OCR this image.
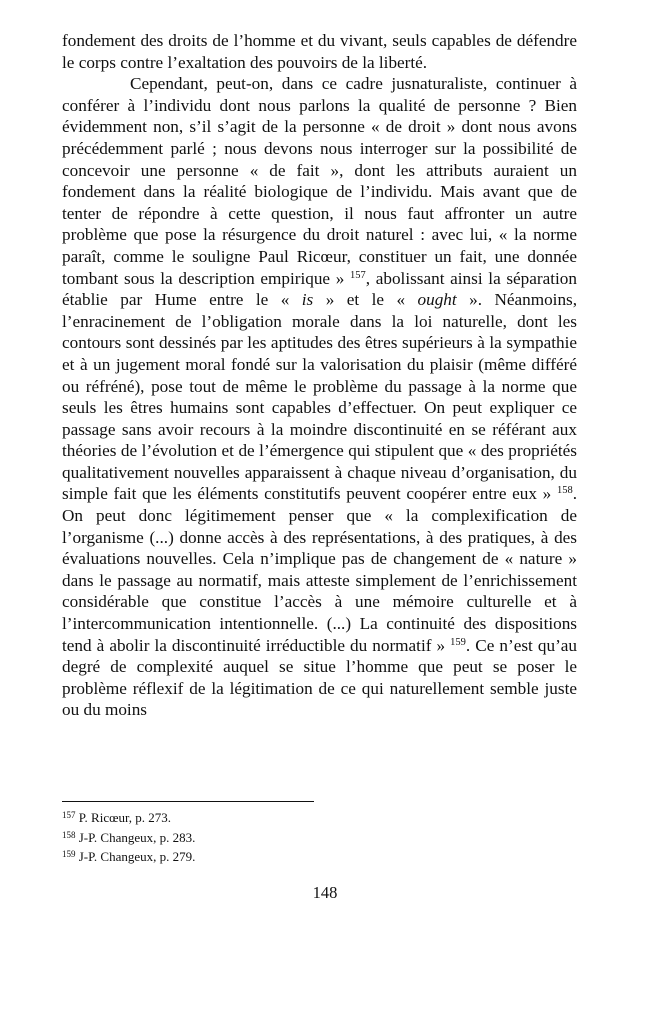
fondement des droits de l’homme et du vivant, seuls capables de défendre le corps contre l’exaltation des pouvoirs de la liberté.

Cependant, peut-on, dans ce cadre jusnaturaliste, continuer à conférer à l’individu dont nous parlons la qualité de personne ? Bien évidemment non, s’il s’agit de la personne « de droit » dont nous avons précédemment parlé ; nous devons nous interroger sur la possibilité de concevoir une personne « de fait », dont les attributs auraient un fondement dans la réalité biologique de l’individu. Mais avant que de tenter de répondre à cette question, il nous faut affronter un autre problème que pose la résurgence du droit naturel : avec lui, « la norme paraît, comme le souligne Paul Ricœur, constituer un fait, une donnée tombant sous la description empirique » $^{157}$, abolissant ainsi la séparation établie par Hume entre le « is » et le « ought ». Néanmoins, l’enracinement de l’obligation morale dans la loi naturelle, dont les contours sont dessinés par les aptitudes des êtres supérieurs à la sympathie et à un jugement moral fondé sur la valorisation du plaisir (même différé ou réfréné), pose tout de même le problème du passage à la norme que seuls les êtres humains sont capables d’effectuer. On peut expliquer ce passage sans avoir recours à la moindre discontinuité en se référant aux théories de l’évolution et de l’émergence qui stipulent que « des propriétés qualitativement nouvelles apparaissent à chaque niveau d’organisation, du simple fait que les éléments constitutifs peuvent coopérer entre eux » $^{158}$. On peut donc légitimement penser que « la complexification de l’organisme (...) donne accès à des représentations, à des pratiques, à des évaluations nouvelles. Cela n’implique pas de changement de « nature » dans le passage au normatif, mais atteste simplement de l’enrichissement considérable que constitue l’accès à une mémoire culturelle et à l’intercommunication intentionnelle. (...) La continuité des dispositions tend à abolir la discontinuité irréductible du normatif » $^{159}$. Ce n’est qu’au degré de complexité auquel se situe l’homme que peut se poser le problème réflexif de la légitimation de ce qui naturellement semble juste ou du moins

$^{157}$ P. Ricœur, p. 273.
$^{158}$ J-P. Changeux, p. 283.
$^{159}$ J-P. Changeux, p. 279.
148
